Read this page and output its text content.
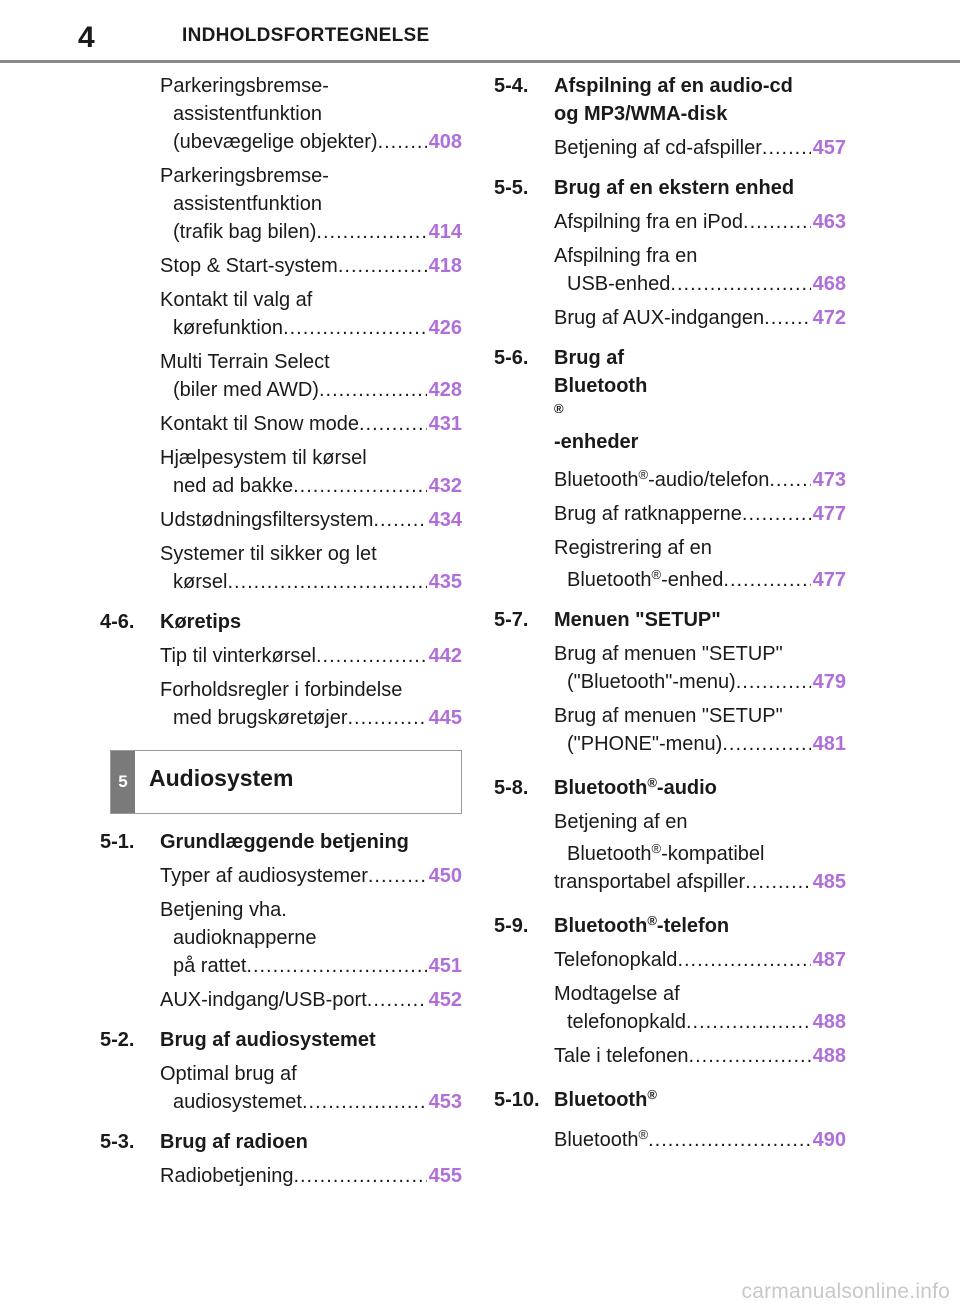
4	INDHOLDSFORTEGNELSE
Parkeringsbremse-
assistentfunktion
(ubevægelige objekter) .....	408
Parkeringsbremse-
assistentfunktion
(trafik bag bilen) .....	414
Stop & Start-system .....	418
Kontakt til valg af
kørefunktion .....	426
Multi Terrain Select
(biler med AWD) .....	428
Kontakt til Snow mode .....	431
Hjælpesystem til kørsel
ned ad bakke .....	432
Udstødningsfiltersystem .....	434
Systemer til sikker og let
kørsel .....	435
4-6.	Køretips
Tip til vinterkørsel .....	442
Forholdsregler i forbindelse
med brugskøretøjer .....	445
5 Audiosystem
5-1.	Grundlæggende betjening
Typer af audiosystemer .....	450
Betjening vha.
audioknapperne
på rattet .....	451
AUX-indgang/USB-port .....	452
5-2.	Brug af audiosystemet
Optimal brug af
audiosystemet .....	453
5-3.	Brug af radioen
Radiobetjening .....	455
5-4.	Afspilning af en audio-cd
og MP3/WMA-disk
Betjening af cd-afspiller .....	457
5-5.	Brug af en ekstern enhed
Afspilning fra en iPod .....	463
Afspilning fra en
USB-enhed .....	468
Brug af AUX-indgangen ..... 472
5-6.	Brug af
Bluetooth
®
-enheder
Bluetooth®-audio/telefon ..... 473
Brug af ratknapperne .....	477
Registrering af en
Bluetooth®-enhed .....	477
5-7.	Menuen "SETUP"
Brug af menuen "SETUP"
("Bluetooth"-menu) .....	479
Brug af menuen "SETUP"
("PHONE"-menu) .....	481
5-8.	Bluetooth®-audio
Betjening af en
Bluetooth®-kompatibel
transportabel afspiller .....	485
5-9.	Bluetooth®-telefon
Telefonopkald .....	487
Modtagelse af
telefonopkald .....	488
Tale i telefonen .....	488
5-10. Bluetooth®
Bluetooth® .....	490
carmanualsonline.info
